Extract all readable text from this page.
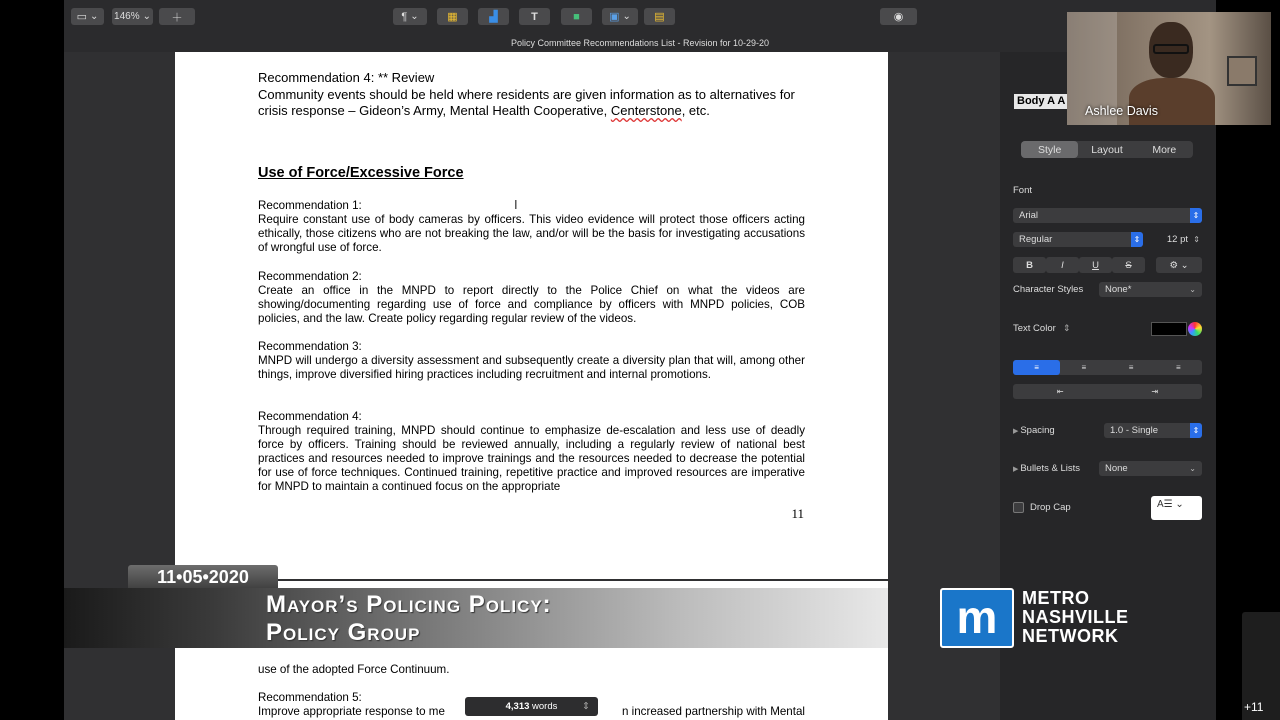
▭ ⌄ 146% ⌄ ＋	¶ ⌄	▦	▟	T	■	▣ ⌄ ▤	◉
Policy Committee Recommendations List - Revision for 10-29-20
Recommendation 4: ** Review
Community events should be held where residents are given information as to alternatives for crisis response – Gideon’s Army, Mental Health Cooperative, Centerstone, etc.
Use of Force/Excessive Force
Recommendation 1:
Require constant use of body cameras by officers. This video evidence will protect those officers acting ethically, those citizens who are not breaking the law, and/or will be the basis for investigating accusations of wrongful use of force.
Recommendation 2:
Create an office in the MNPD to report directly to the Police Chief on what the videos are showing/documenting regarding use of force and compliance by officers with MNPD policies, COB policies, and the law. Create policy regarding regular review of the videos.
Recommendation 3:
MNPD will undergo a diversity assessment and subsequently create a diversity plan that will, among other things, improve diversified hiring practices including recruitment and internal promotions.
Recommendation 4:
Through required training, MNPD should continue to emphasize de-escalation and less use of deadly force by officers. Training should be reviewed annually, including a regularly review of national best practices and resources needed to improve trainings and the resources needed to decrease the potential for use of force techniques. Continued training, repetitive practice and improved resources are imperative for MNPD to maintain a continued focus on the appropriate
11
use of the adopted Force Continuum.
Recommendation 5:
Improve appropriate response to me	n increased partnership with Mental
Ι
Body A A
Style	Layout	More
Font
Arial	⇕
Regular	⇕	12 pt ⇕
B	I	U	S	⚙ ⌄
Character Styles	None*	⌄
Text Color ⇕
≡	≡	≡	≡
⇤	⇥
▶ Spacing	1.0 - Single	⇕
▶ Bullets & Lists	None	⌄
Drop Cap	A☰ ⌄
+11
Ashlee Davis
11•05•2020
Mayor’s Policing Policy:
Policy Group	m	METRO
NASHVILLE
NETWORK
4,313
words	⇕
